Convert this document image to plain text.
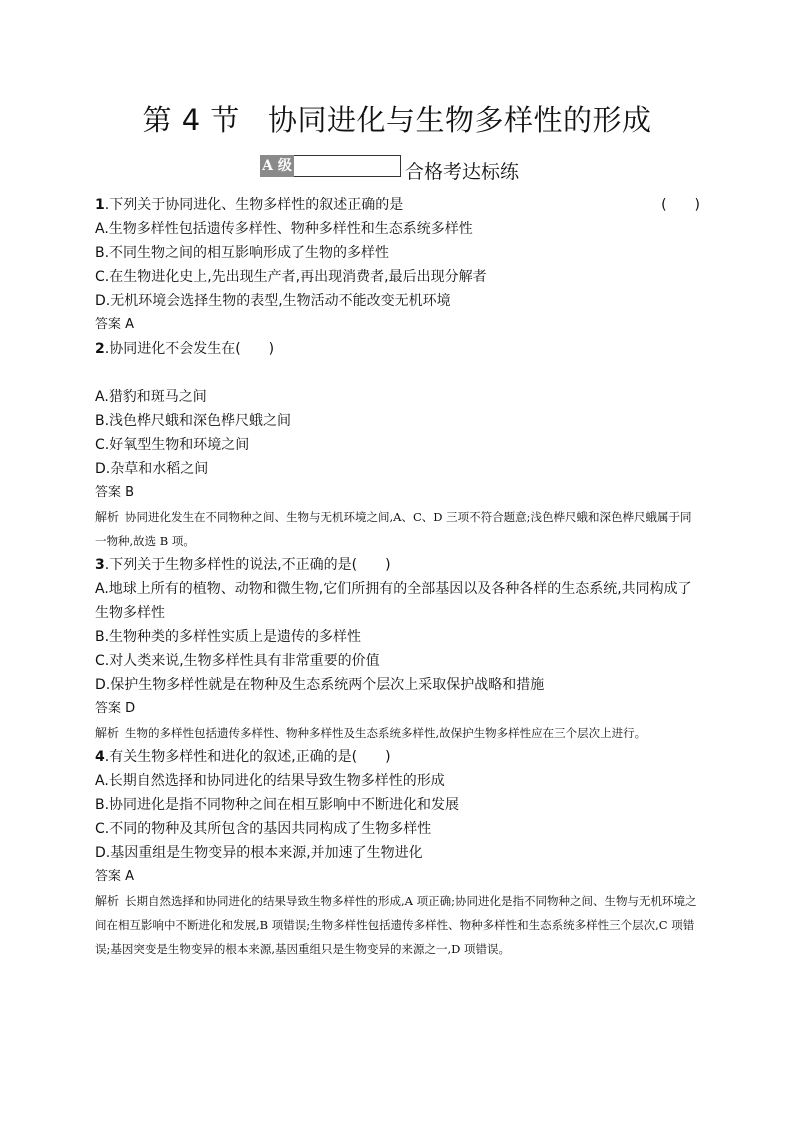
第 4 节 协同进化与生物多样性的形成
A 级	合格考达标练
1.下列关于协同进化、生物多样性的叙述正确的是	(　　)
A.生物多样性包括遗传多样性、物种多样性和生态系统多样性
B.不同生物之间的相互影响形成了生物的多样性
C.在生物进化史上,先出现生产者,再出现消费者,最后出现分解者
D.无机环境会选择生物的表型,生物活动不能改变无机环境
答案 A
2.协同进化不会发生在(　　)
A.猎豹和斑马之间
B.浅色桦尺蛾和深色桦尺蛾之间
C.好氧型生物和环境之间
D.杂草和水稻之间
答案 B
解析 协同进化发生在不同物种之间、生物与无机环境之间,A、C、D 三项不符合题意;浅色桦尺蛾和深色桦尺蛾属于同一物种,故选 B 项。
3.下列关于生物多样性的说法,不正确的是(　　)
A.地球上所有的植物、动物和微生物,它们所拥有的全部基因以及各种各样的生态系统,共同构成了生物多样性
B.生物种类的多样性实质上是遗传的多样性
C.对人类来说,生物多样性具有非常重要的价值
D.保护生物多样性就是在物种及生态系统两个层次上采取保护战略和措施
答案 D
解析 生物的多样性包括遗传多样性、物种多样性及生态系统多样性,故保护生物多样性应在三个层次上进行。
4.有关生物多样性和进化的叙述,正确的是(　　)
A.长期自然选择和协同进化的结果导致生物多样性的形成
B.协同进化是指不同物种之间在相互影响中不断进化和发展
C.不同的物种及其所包含的基因共同构成了生物多样性
D.基因重组是生物变异的根本来源,并加速了生物进化
答案 A
解析 长期自然选择和协同进化的结果导致生物多样性的形成,A 项正确;协同进化是指不同物种之间、生物与无机环境之间在相互影响中不断进化和发展,B 项错误;生物多样性包括遗传多样性、物种多样性和生态系统多样性三个层次,C 项错误;基因突变是生物变异的根本来源,基因重组只是生物变异的来源之一,D 项错误。
